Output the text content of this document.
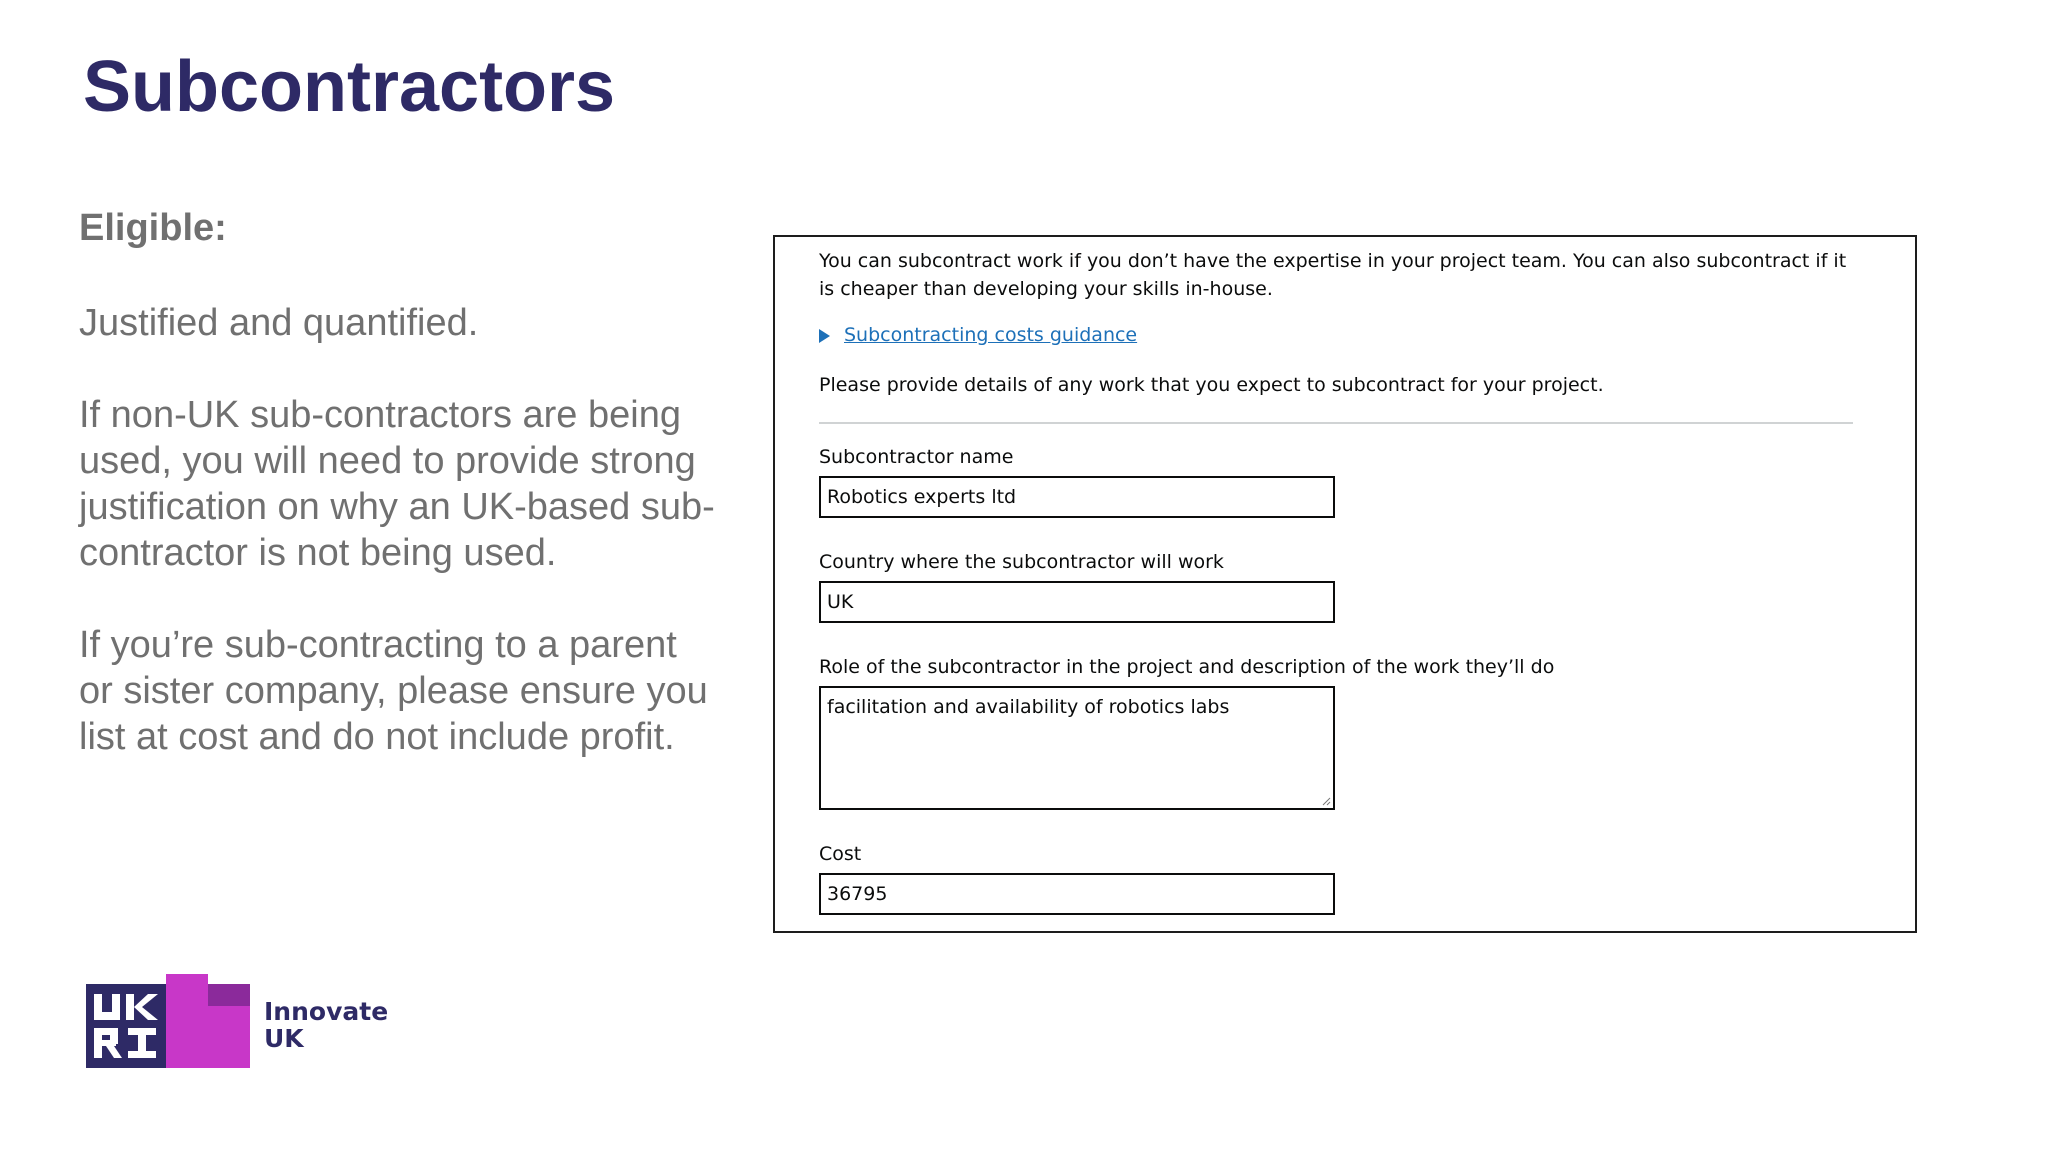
Subcontractors

Eligible:

Justified and quantified.

If non-UK sub-contractors are being used, you will need to provide strong justification on why an UK-based sub-contractor is not being used.

If you’re sub-contracting to a parent or sister company, please ensure you list at cost and do not include profit.

You can subcontract work if you don’t have the expertise in your project team. You can also subcontract if it is cheaper than developing your skills in-house.

Subcontracting costs guidance

Please provide details of any work that you expect to subcontract for your project.

Subcontractor name
Robotics experts ltd
Country where the subcontractor will work
UK
Role of the subcontractor in the project and description of the work they’ll do
facilitation and availability of robotics labs
Cost
36795
Innovate
UK
